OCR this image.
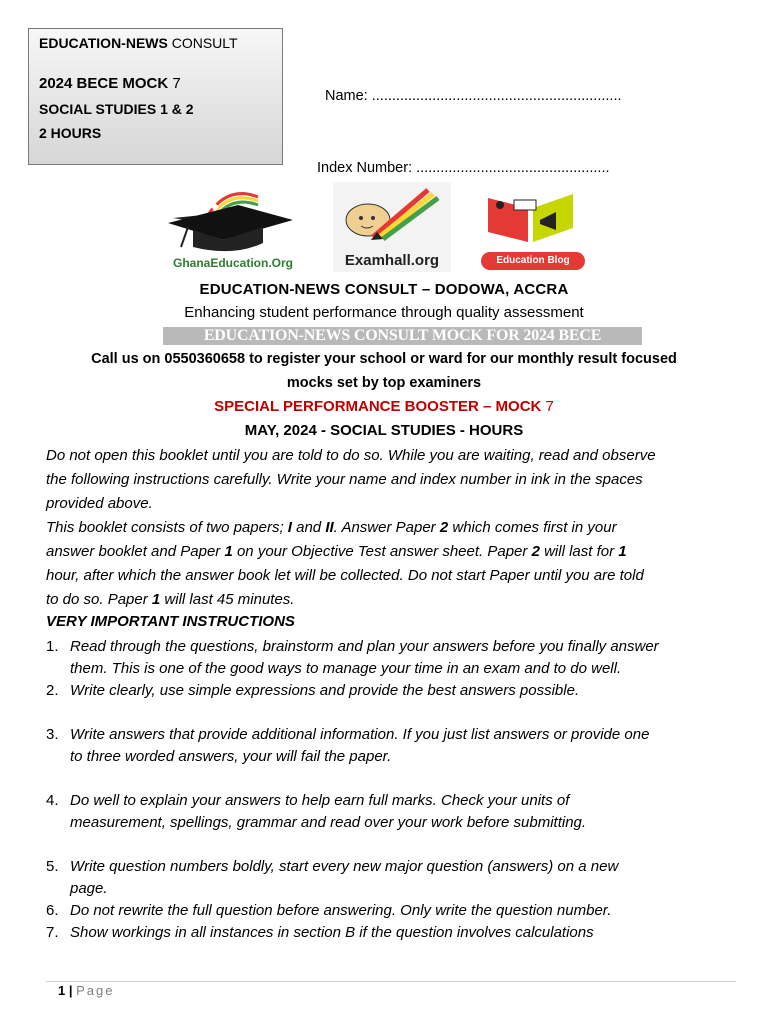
EDUCATION-NEWS CONSULT
2024 BECE MOCK 7
SOCIAL STUDIES 1 & 2
2 HOURS
Name: ..............................................................
Index Number: ................................................
GhanaEducation.Org	Examhall.org	Education Blog
EDUCATION-NEWS CONSULT – DODOWA, ACCRA
Enhancing student performance through quality assessment
EDUCATION-NEWS CONSULT MOCK FOR 2024 BECE
Call us on 0550360658 to register your school or ward for our monthly result focused
mocks set by top examiners
SPECIAL PERFORMANCE BOOSTER – MOCK 7
MAY, 2024 - SOCIAL STUDIES - HOURS
Do not open this booklet until you are told to do so. While you are waiting, read and observe
the following instructions carefully. Write your name and index number in ink in the spaces
provided above.
This booklet consists of two papers; I and II. Answer Paper 2 which comes first in your
answer booklet and Paper 1 on your Objective Test answer sheet. Paper 2 will last for 1
hour, after which the answer book let will be collected. Do not start Paper until you are told
to do so. Paper 1 will last 45 minutes.
VERY IMPORTANT INSTRUCTIONS
1. Read through the questions, brainstorm and plan your answers before you finally answer
them. This is one of the good ways to manage your time in an exam and to do well.
2. Write clearly, use simple expressions and provide the best answers possible.
3. Write answers that provide additional information. If you just list answers or provide one
to three worded answers, your will fail the paper.
4. Do well to explain your answers to help earn full marks. Check your units of
measurement, spellings, grammar and read over your work before submitting.
5. Write question numbers boldly, start every new major question (answers) on a new
page.
6. Do not rewrite the full question before answering. Only write the question number.
7. Show workings in all instances in section B if the question involves calculations
1 | Page
